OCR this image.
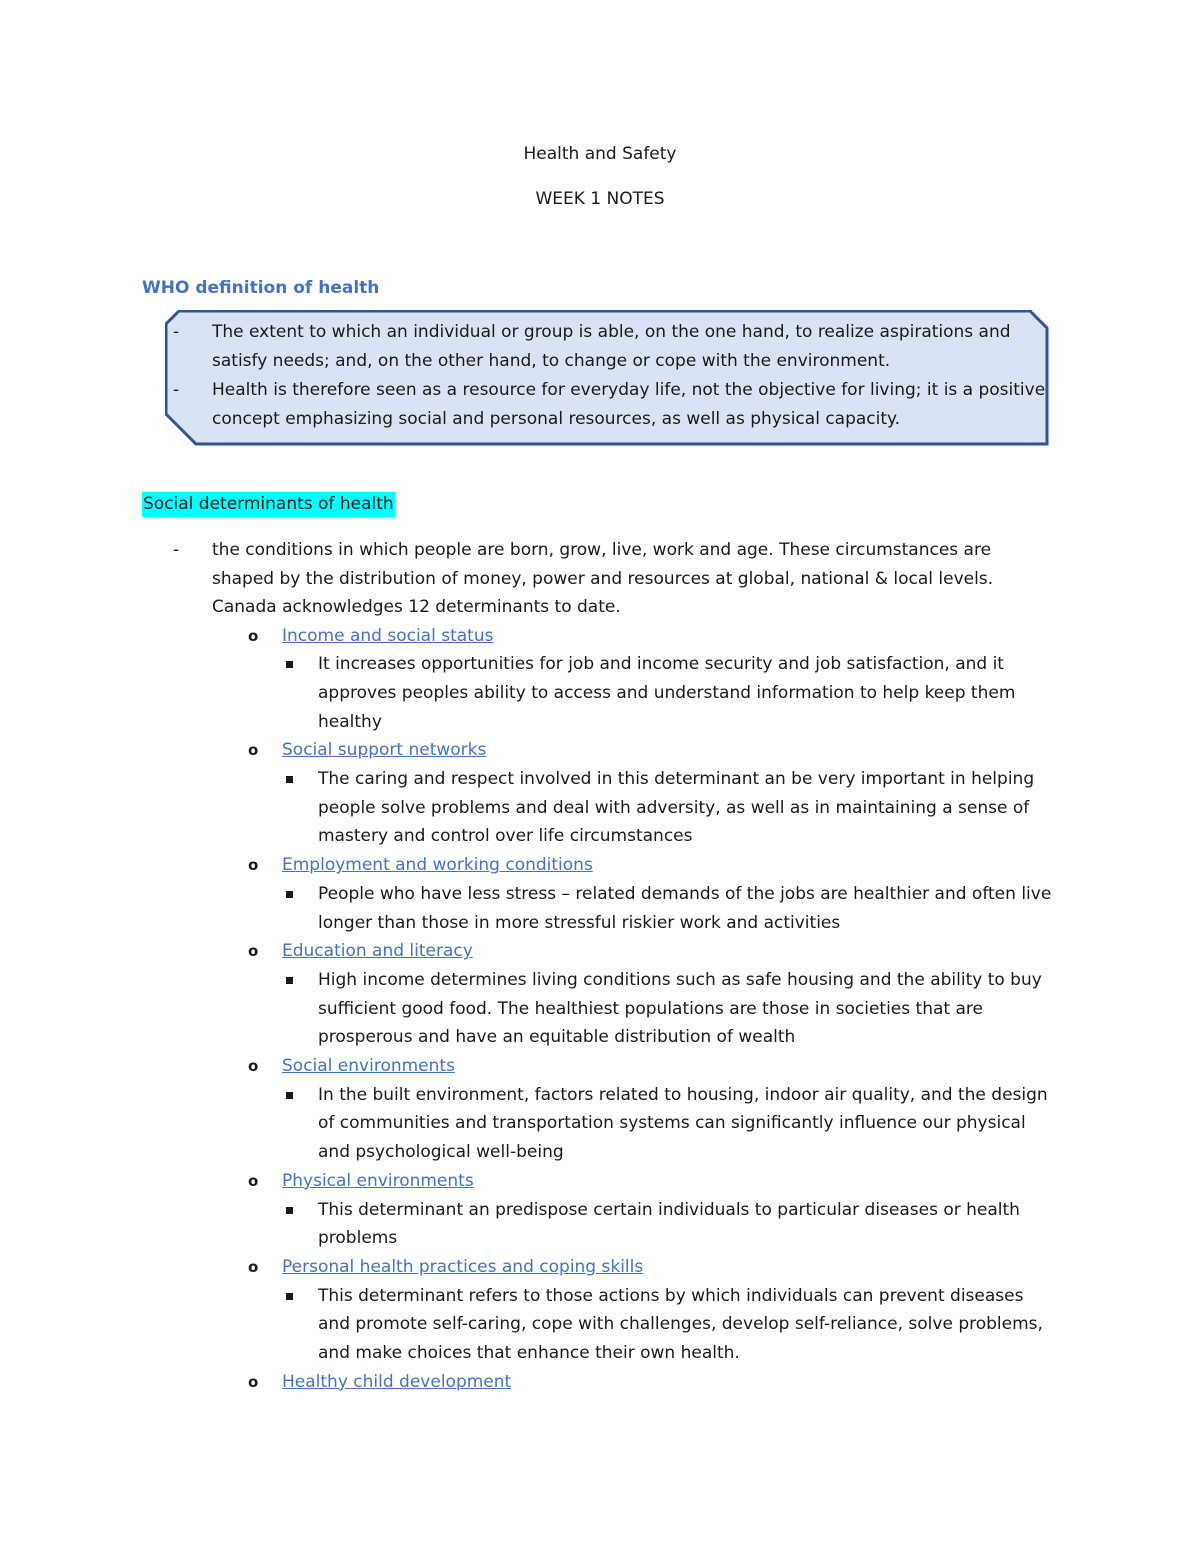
Health and Safety
WEEK 1 NOTES
WHO definition of health
- The extent to which an individual or group is able, on the one hand, to realize aspirations and satisfy needs; and, on the other hand, to change or cope with the environment.
- Health is therefore seen as a resource for everyday life, not the objective for living; it is a positive concept emphasizing social and personal resources, as well as physical capacity.
Social determinants of health
- the conditions in which people are born, grow, live, work and age. These circumstances are shaped by the distribution of money, power and resources at global, national & local levels. Canada acknowledges 12 determinants to date.
o Income and social status
It increases opportunities for job and income security and job satisfaction, and it approves peoples ability to access and understand information to help keep them healthy
o Social support networks
The caring and respect involved in this determinant an be very important in helping people solve problems and deal with adversity, as well as in maintaining a sense of mastery and control over life circumstances
o Employment and working conditions
People who have less stress – related demands of the jobs are healthier and often live longer than those in more stressful riskier work and activities
o Education and literacy
High income determines living conditions such as safe housing and the ability to buy sufficient good food. The healthiest populations are those in societies that are prosperous and have an equitable distribution of wealth
o Social environments
In the built environment, factors related to housing, indoor air quality, and the design of communities and transportation systems can significantly influence our physical and psychological well-being
o Physical environments
This determinant an predispose certain individuals to particular diseases or health problems
o Personal health practices and coping skills
This determinant refers to those actions by which individuals can prevent diseases and promote self-caring, cope with challenges, develop self-reliance, solve problems, and make choices that enhance their own health.
o Healthy child development
